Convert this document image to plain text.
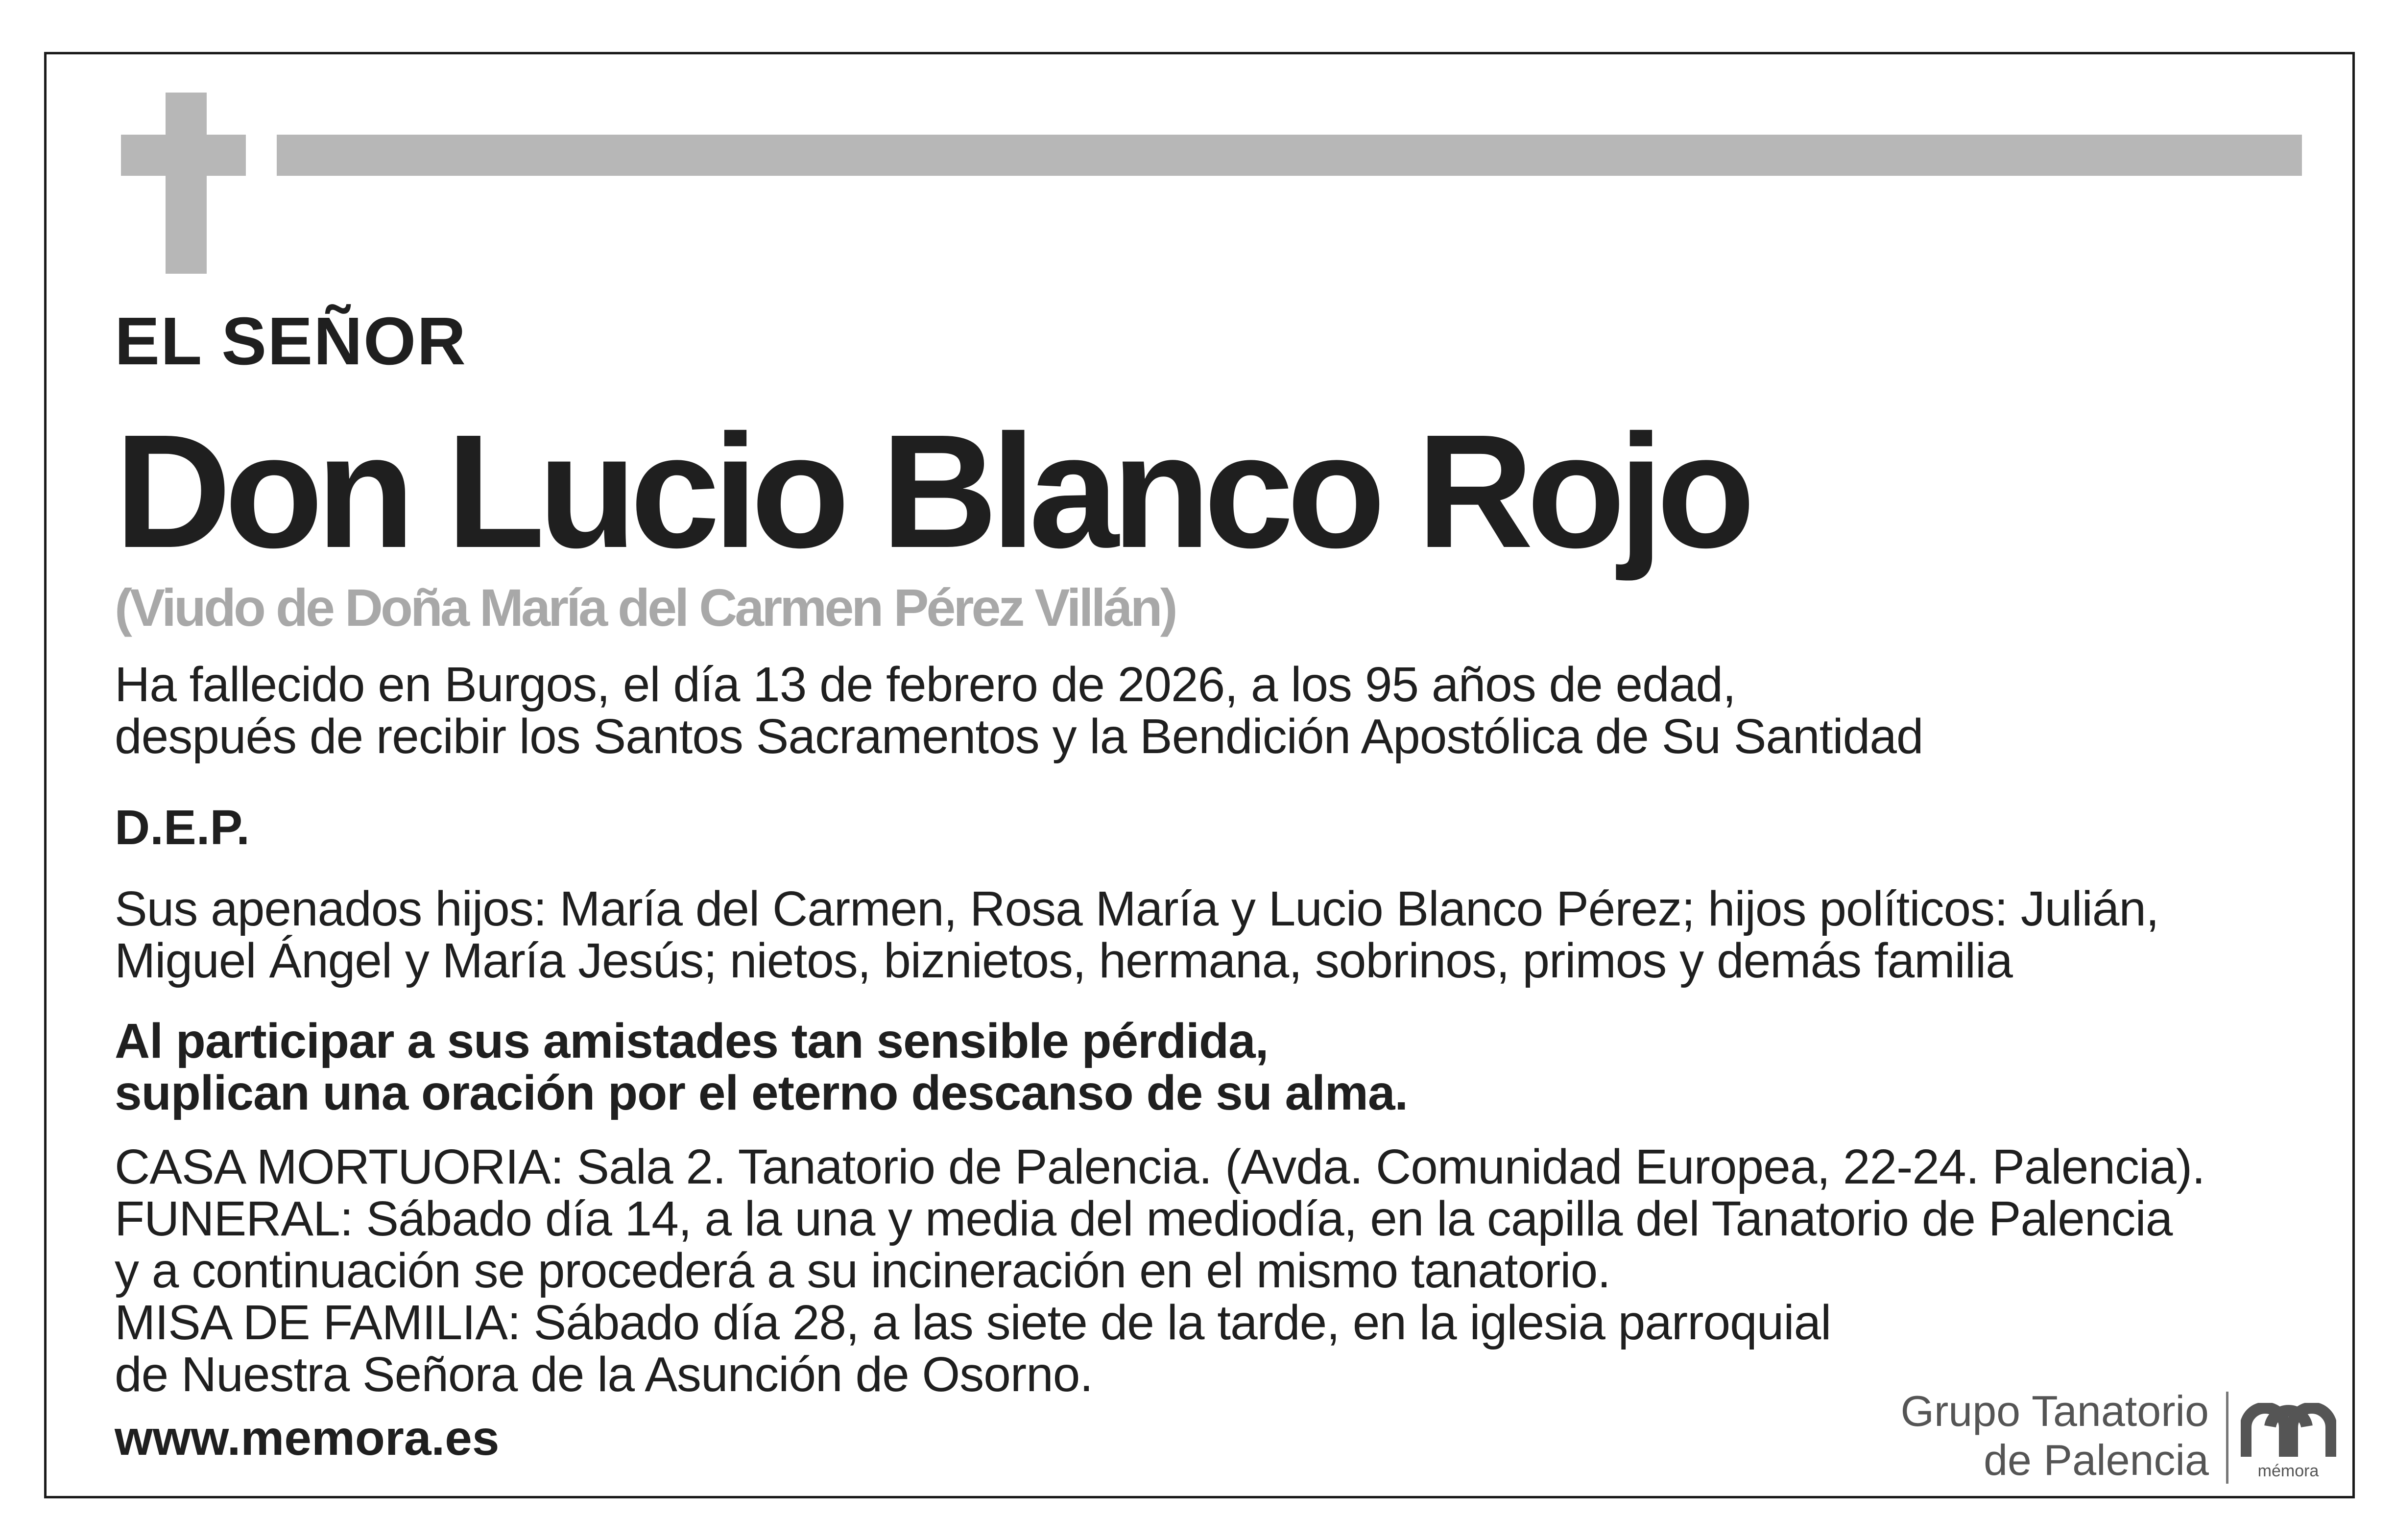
EL SEÑOR

Don Lucio Blanco Rojo

(Viudo de Doña María del Carmen Pérez Villán)

Ha fallecido en Burgos, el día 13 de febrero de 2026, a los 95 años de edad,
después de recibir los Santos Sacramentos y la Bendición Apostólica de Su Santidad

D.E.P.

Sus apenados hijos: María del Carmen, Rosa María y Lucio Blanco Pérez; hijos políticos: Julián,
Miguel Ángel y María Jesús; nietos, biznietos, hermana, sobrinos, primos y demás familia
Al participar a sus amistades tan sensible pérdida,
suplican una oración por el eterno descanso de su alma.
CASA MORTUORIA: Sala 2. Tanatorio de Palencia. (Avda. Comunidad Europea, 22-24. Palencia).
FUNERAL: Sábado día 14, a la una y media del mediodía, en la capilla del Tanatorio de Palencia
y a continuación se procederá a su incineración en el mismo tanatorio.
MISA DE FAMILIA: Sábado día 28, a las siete de la tarde, en la iglesia parroquial
de Nuestra Señora de la Asunción de Osorno.

www.memora.es	Grupo Tanatorio
de Palencia	mémora
